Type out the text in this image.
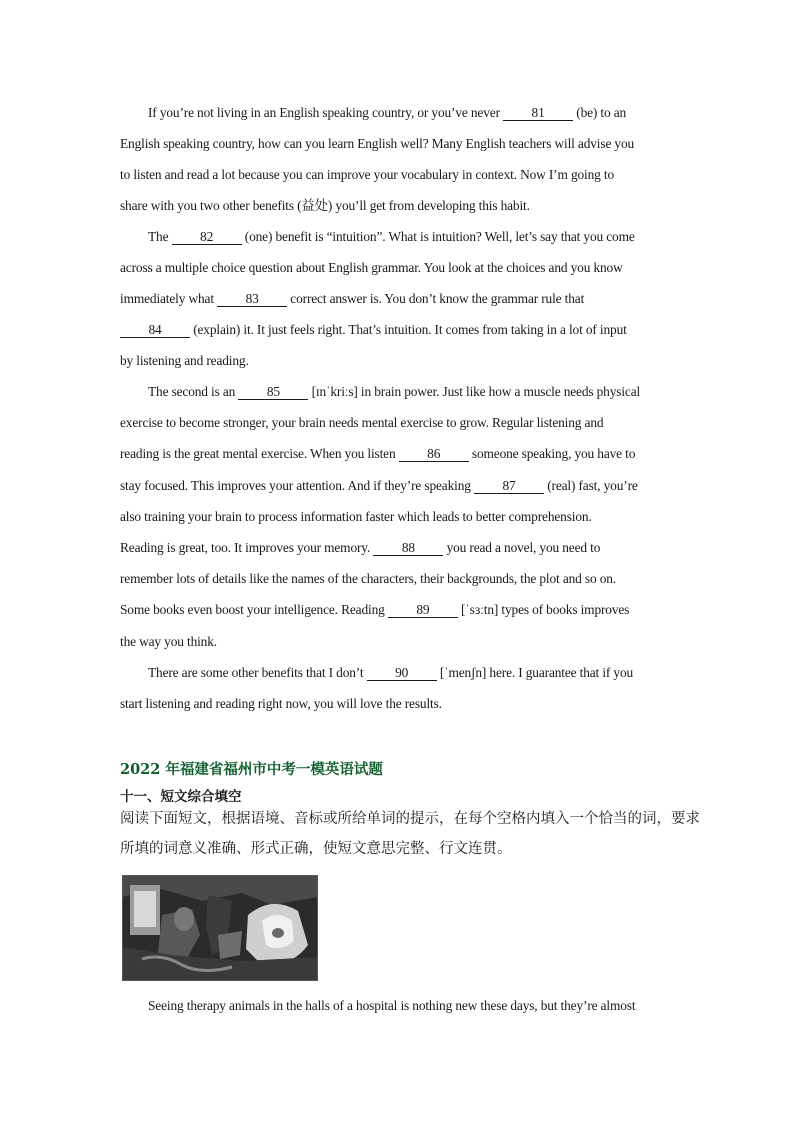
If you’re not living in an English speaking country, or you’ve never 81 (be) to an
English speaking country, how can you learn English well? Many English teachers will advise you
to listen and read a lot because you can improve your vocabulary in context. Now I’m going to
share with you two other benefits (益处) you’ll get from developing this habit.
The 82 (one) benefit is “intuition”. What is intuition? Well, let’s say that you come
across a multiple choice question about English grammar. You look at the choices and you know
immediately what 83 correct answer is. You don’t know the grammar rule that
84 (explain) it. It just feels right. That’s intuition. It comes from taking in a lot of input
by listening and reading.
The second is an 85 [ɪnˈkriːs] in brain power. Just like how a muscle needs physical
exercise to become stronger, your brain needs mental exercise to grow. Regular listening and
reading is the great mental exercise. When you listen 86 someone speaking, you have to
stay focused. This improves your attention. And if they’re speaking 87 (real) fast, you’re
also training your brain to process information faster which leads to better comprehension.
Reading is great, too. It improves your memory. 88 you read a novel, you need to
remember lots of details like the names of the characters, their backgrounds, the plot and so on.
Some books even boost your intelligence. Reading 89 [ˈsɜːtn] types of books improves
the way you think.
There are some other benefits that I don’t 90 [ˈmenʃn] here. I guarantee that if you
start listening and reading right now, you will love the results.
2022 年福建省福州市中考一模英语试题
十一、短文综合填空
阅读下面短文，根据语境、音标或所给单词的提示，在每个空格内填入一个恰当的词，要求
所填的词意义准确、形式正确，使短文意思完整、行文连贯。
Seeing therapy animals in the halls of a hospital is nothing new these days, but they’re almost
